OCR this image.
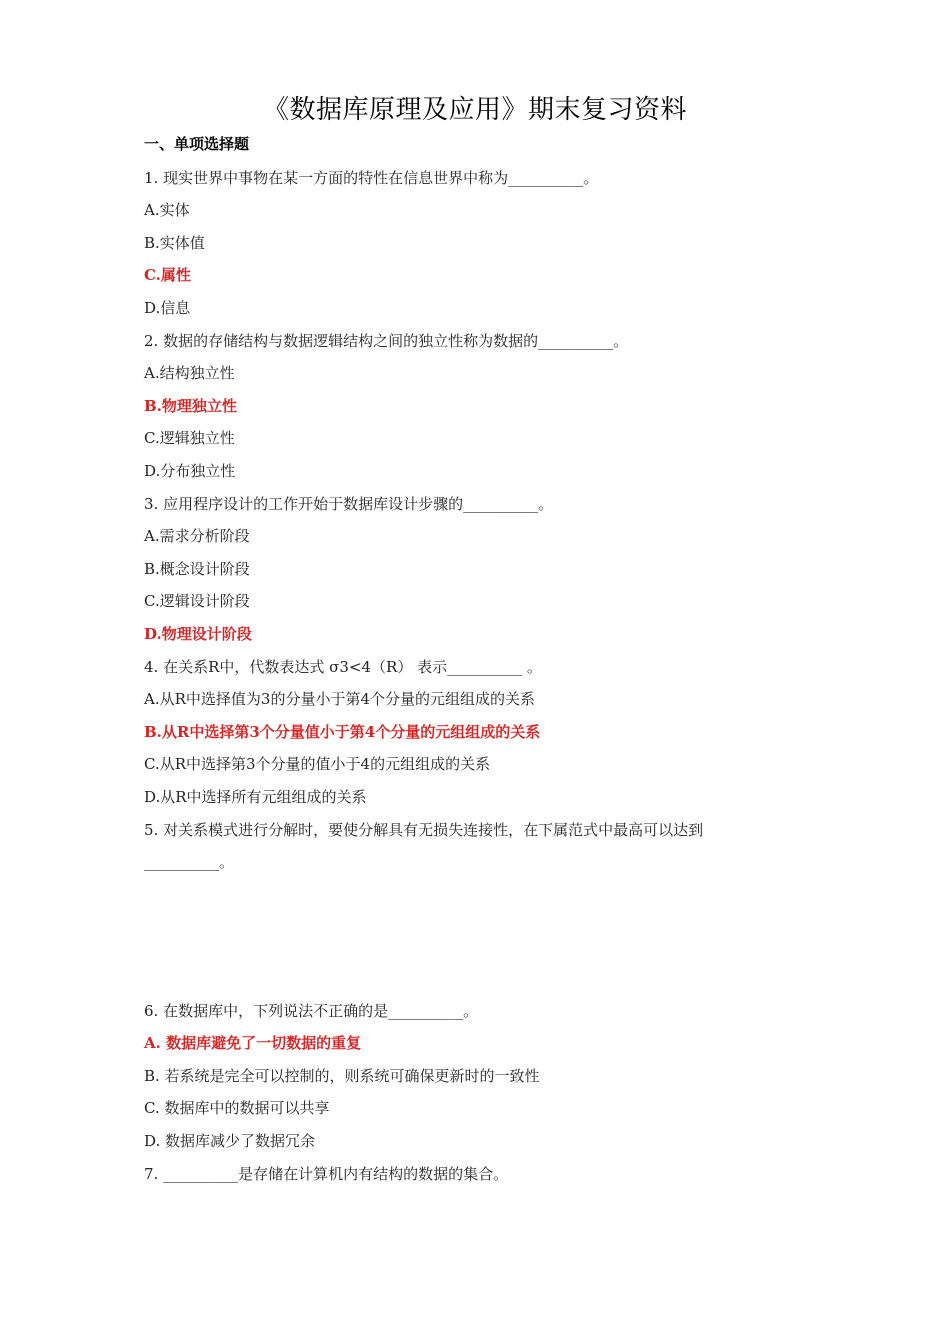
《数据库原理及应用》期末复习资料
一、单项选择题
1. 现实世界中事物在某一方面的特性在信息世界中称为__________。
A.实体
B.实体值
C.属性
D.信息
2. 数据的存储结构与数据逻辑结构之间的独立性称为数据的__________。
A.结构独立性
B.物理独立性
C.逻辑独立性
D.分布独立性
3. 应用程序设计的工作开始于数据库设计步骤的__________。
A.需求分析阶段
B.概念设计阶段
C.逻辑设计阶段
D.物理设计阶段
4. 在关系R中，代数表达式 σ3<4（R） 表示__________ 。
A.从R中选择值为3的分量小于第4个分量的元组组成的关系
B.从R中选择第3个分量值小于第4个分量的元组组成的关系
C.从R中选择第3个分量的值小于4的元组组成的关系
D.从R中选择所有元组组成的关系
5. 对关系模式进行分解时，要使分解具有无损失连接性，在下属范式中最高可以达到
__________。
6. 在数据库中，下列说法不正确的是__________。
A. 数据库避免了一切数据的重复
B. 若系统是完全可以控制的，则系统可确保更新时的一致性
C. 数据库中的数据可以共享
D. 数据库减少了数据冗余
7. __________是存储在计算机内有结构的数据的集合。
